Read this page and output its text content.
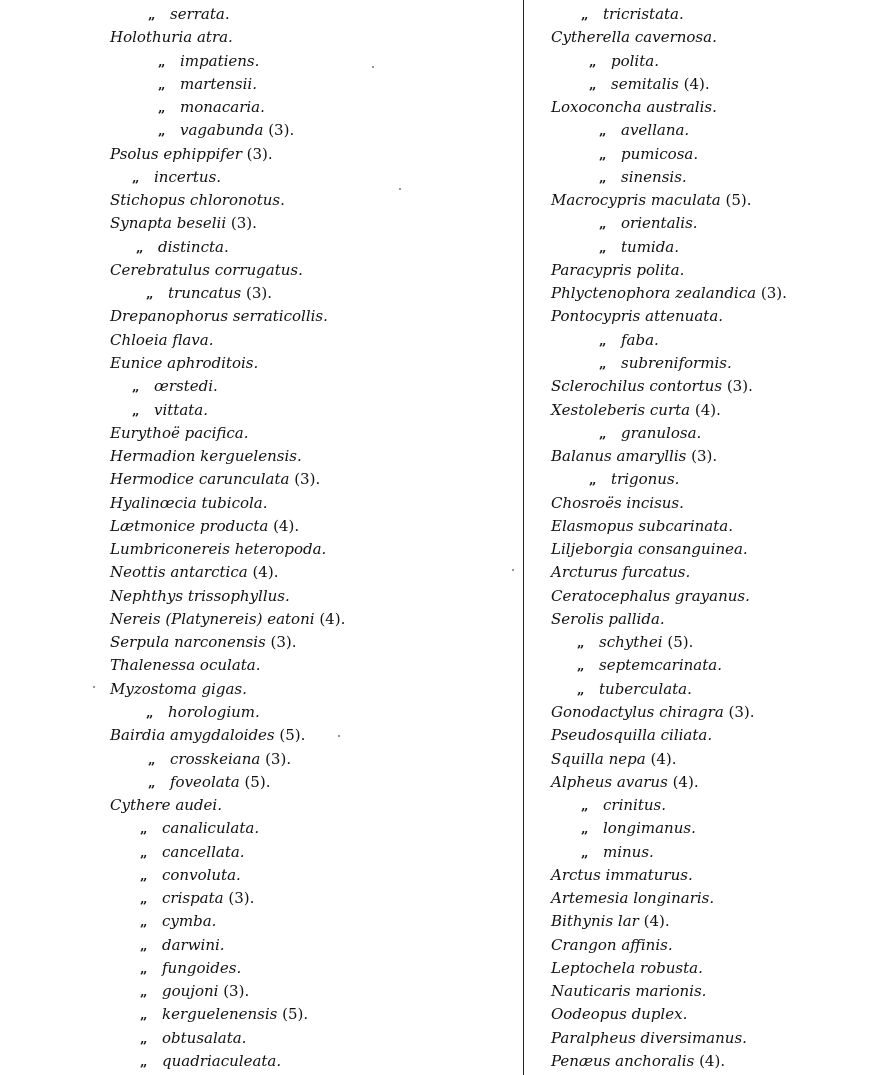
„ serrata.
Holothuria atra.
„ impatiens.
„ martensii.
„ monacaria.
„ vagabunda (3).
Psolus ephippifer (3).
„ incertus.
Stichopus chloronotus.
Synapta beselii (3).
„ distincta.
Cerebratulus corrugatus.
„ truncatus (3).
Drepanophorus serraticollis.
Chloeia flava.
Eunice aphroditois.
„ œrstedi.
„ vittata.
Eurythoë pacifica.
Hermadion kerguelensis.
Hermodice carunculata (3).
Hyalinœcia tubicola.
Lætmonice producta (4).
Lumbriconereis heteropoda.
Neottis antarctica (4).
Nephthys trissophyllus.
Nereis (Platynereis) eatoni (4).
Serpula narconensis (3).
Thalenessa oculata.
Myzostoma gigas.
„ horologium.
Bairdia amygdaloides (5).
„ crosskeiana (3).
„ foveolata (5).
Cythere audei.
„ canaliculata.
„ cancellata.
„ convoluta.
„ crispata (3).
„ cymba.
„ darwini.
„ fungoides.
„ goujoni (3).
„ kerguelenensis (5).
„ obtusalata.
„ quadriaculeata.
„ tricristata.
Cytherella cavernosa.
„ polita.
„ semitalis (4).
Loxoconcha australis.
„ avellana.
„ pumicosa.
„ sinensis.
Macrocypris maculata (5).
„ orientalis.
„ tumida.
Paracypris polita.
Phlyctenophora zealandica (3).
Pontocypris attenuata.
„ faba.
„ subreniformis.
Sclerochilus contortus (3).
Xestoleberis curta (4).
„ granulosa.
Balanus amaryllis (3).
„ trigonus.
Chosroës incisus.
Elasmopus subcarinata.
Liljeborgia consanguinea.
Arcturus furcatus.
Ceratocephalus grayanus.
Serolis pallida.
„ schythei (5).
„ septemcarinata.
„ tuberculata.
Gonodactylus chiragra (3).
Pseudosquilla ciliata.
Squilla nepa (4).
Alpheus avarus (4).
„ crinitus.
„ longimanus.
„ minus.
Arctus immaturus.
Artemesia longinaris.
Bithynis lar (4).
Crangon affinis.
Leptochela robusta.
Nauticaris marionis.
Oodeopus duplex.
Paralpheus diversimanus.
Penæus anchoralis (4).
